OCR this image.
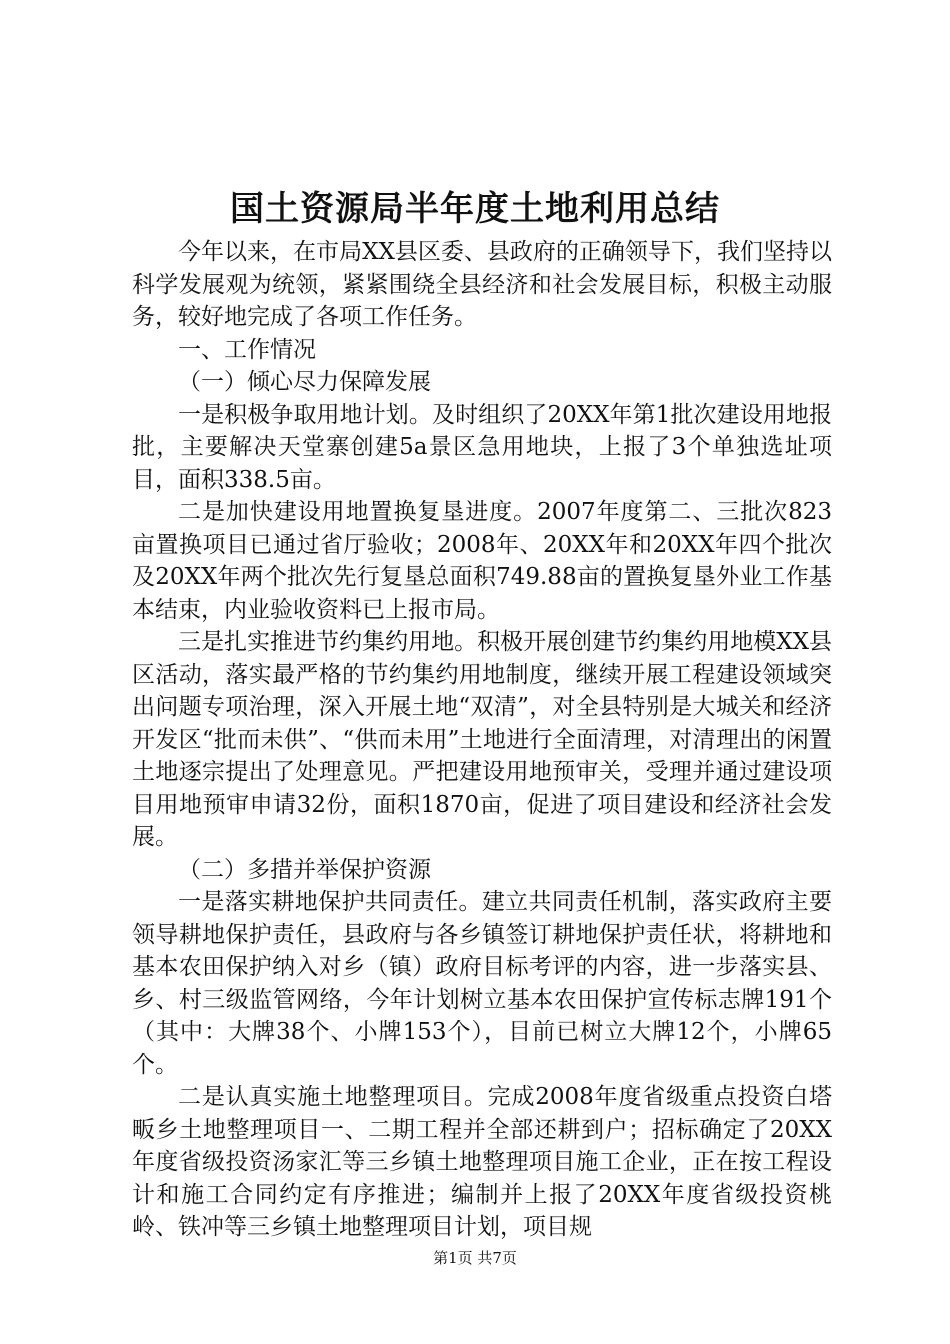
国土资源局半年度土地利用总结

今年以来，在市局XX县区委、县政府的正确领导下，我们坚持以科学发展观为统领，紧紧围绕全县经济和社会发展目标，积极主动服务，较好地完成了各项工作任务。

一、工作情况

（一）倾心尽力保障发展

一是积极争取用地计划。及时组织了20XX年第1批次建设用地报批，主要解决天堂寨创建5a景区急用地块，上报了3个单独选址项目，面积338.5亩。

二是加快建设用地置换复垦进度。2007年度第二、三批次823亩置换项目已通过省厅验收；2008年、20XX年和20XX年四个批次及20XX年两个批次先行复垦总面积749.88亩的置换复垦外业工作基本结束，内业验收资料已上报市局。

三是扎实推进节约集约用地。积极开展创建节约集约用地模XX县区活动，落实最严格的节约集约用地制度，继续开展工程建设领域突出问题专项治理，深入开展土地“双清”，对全县特别是大城关和经济开发区“批而未供”、“供而未用”土地进行全面清理，对清理出的闲置土地逐宗提出了处理意见。严把建设用地预审关，受理并通过建设项目用地预审申请32份，面积1870亩，促进了项目建设和经济社会发展。

（二）多措并举保护资源

一是落实耕地保护共同责任。建立共同责任机制，落实政府主要领导耕地保护责任，县政府与各乡镇签订耕地保护责任状，将耕地和基本农田保护纳入对乡（镇）政府目标考评的内容，进一步落实县、乡、村三级监管网络，今年计划树立基本农田保护宣传标志牌191个（其中：大牌38个、小牌153个），目前已树立大牌12个，小牌65个。

二是认真实施土地整理项目。完成2008年度省级重点投资白塔畈乡土地整理项目一、二期工程并全部还耕到户；招标确定了20XX年度省级投资汤家汇等三乡镇土地整理项目施工企业，正在按工程设计和施工合同约定有序推进；编制并上报了20XX年度省级投资桃岭、铁冲等三乡镇土地整理项目计划，项目规

第1页 共7页
